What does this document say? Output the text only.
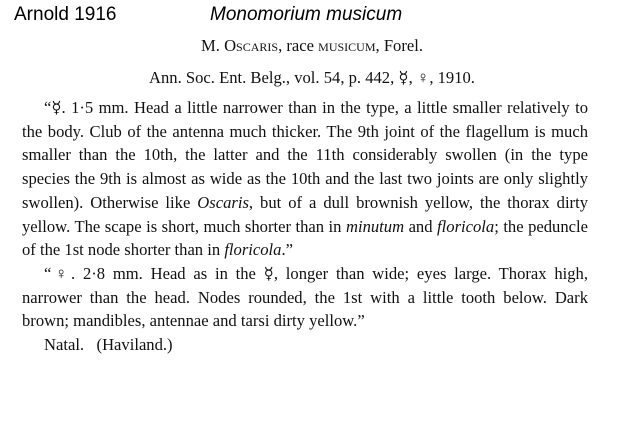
Arnold 1916	Monomorium musicum
M. Oscaris, race musicum, Forel.
Ann. Soc. Ent. Belg., vol. 54, p. 442, ☿, ♀, 1910.

“☿. 1·5 mm. Head a little narrower than in the type, a little smaller relatively to the body. Club of the antenna much thicker. The 9th joint of the flagellum is much smaller than the 10th, the latter and the 11th considerably swollen (in the type species the 9th is almost as wide as the 10th and the last two joints are only slightly swollen). Otherwise like Oscaris, but of a dull brownish yellow, the thorax dirty yellow. The scape is short, much shorter than in minutum and floricola; the peduncle of the 1st node shorter than in floricola.”

“♀. 2·8 mm. Head as in the ☿, longer than wide; eyes large. Thorax high, narrower than the head. Nodes rounded, the 1st with a little tooth below. Dark brown; mandibles, antennae and tarsi dirty yellow.”

Natal. (Haviland.)
